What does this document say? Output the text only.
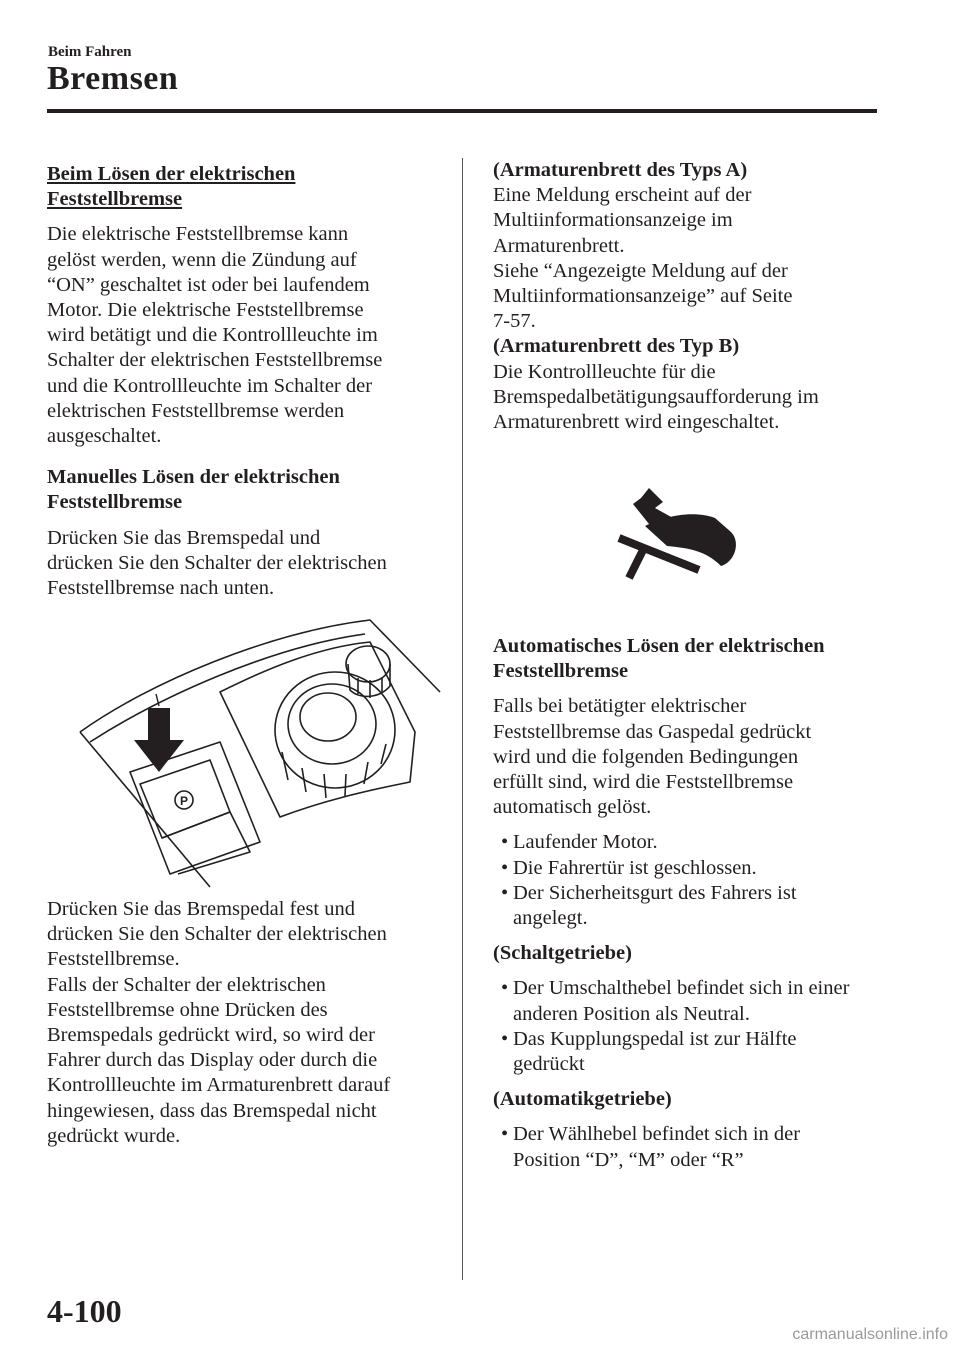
Beim Fahren
Bremsen

Beim Lösen der elektrischen

Feststellbremse

Die elektrische Feststellbremse kann

gelöst werden, wenn die Zündung auf

“ON” geschaltet ist oder bei laufendem

Motor. Die elektrische Feststellbremse

wird betätigt und die Kontrollleuchte im

Schalter der elektrischen Feststellbremse

und die Kontrollleuchte im Schalter der

elektrischen Feststellbremse werden

ausgeschaltet.

Manuelles Lösen der elektrischen

Feststellbremse

Drücken Sie das Bremspedal und

drücken Sie den Schalter der elektrischen

Feststellbremse nach unten.

P

Drücken Sie das Bremspedal fest und

drücken Sie den Schalter der elektrischen

Feststellbremse.

Falls der Schalter der elektrischen

Feststellbremse ohne Drücken des

Bremspedals gedrückt wird, so wird der

Fahrer durch das Display oder durch die

Kontrollleuchte im Armaturenbrett darauf

hingewiesen, dass das Bremspedal nicht

gedrückt wurde.

(Armaturenbrett des Typs A)

Eine Meldung erscheint auf der

Multiinformationsanzeige im

Armaturenbrett.

Siehe “Angezeigte Meldung auf der

Multiinformationsanzeige” auf Seite

7-57.

(Armaturenbrett des Typ B)

Die Kontrollleuchte für die

Bremspedalbetätigungsaufforderung im

Armaturenbrett wird eingeschaltet.

Automatisches Lösen der elektrischen

Feststellbremse

Falls bei betätigter elektrischer

Feststellbremse das Gaspedal gedrückt

wird und die folgenden Bedingungen

erfüllt sind, wird die Feststellbremse

automatisch gelöst.

• Laufender Motor.

• Die Fahrertür ist geschlossen.

• Der Sicherheitsgurt des Fahrers ist

angelegt.

(Schaltgetriebe)

• Der Umschalthebel befindet sich in einer

anderen Position als Neutral.

• Das Kupplungspedal ist zur Hälfte

gedrückt

(Automatikgetriebe)

• Der Wählhebel befindet sich in der

Position “D”, “M” oder “R”

4-100
carmanualsonline.info
